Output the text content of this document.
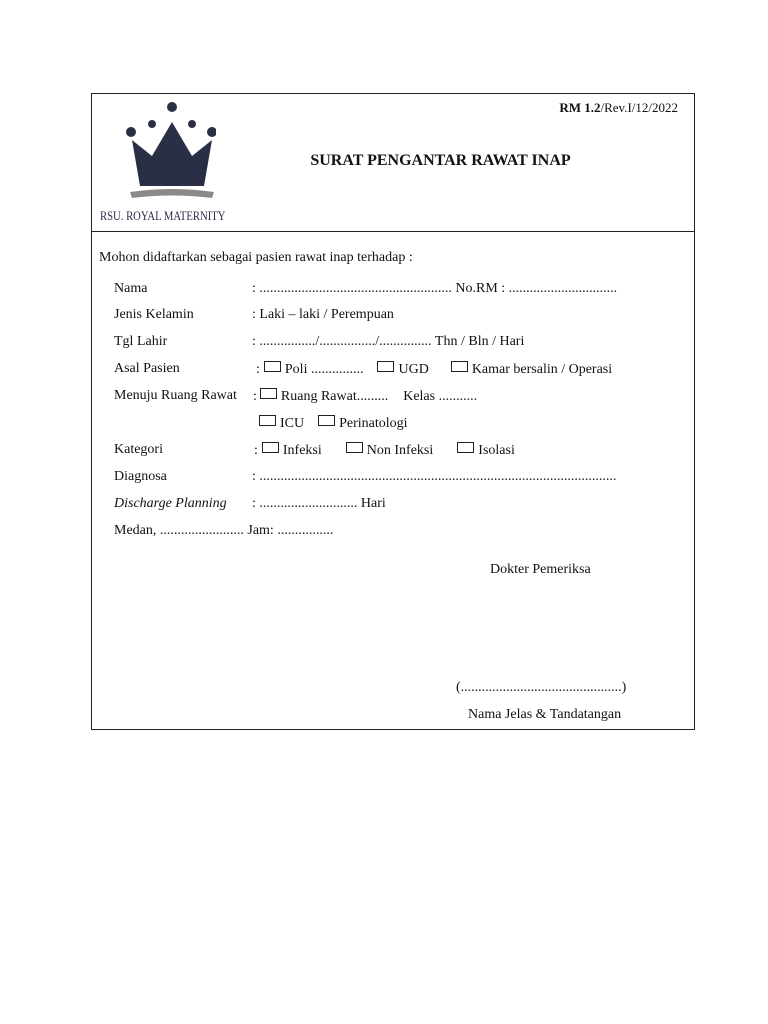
RSU. ROYAL MATERNITY
RM 1.2/Rev.I/12/2022
SURAT PENGANTAR RAWAT INAP
Mohon didaftarkan sebagai pasien rawat inap terhadap :
Nama	: ....................................................... No.RM : ...............................
Jenis Kelamin	: Laki – laki / Perempuan
Tgl Lahir	: ................/................/............... Thn / Bln / Hari
Asal Pasien	: Poli ...............	UGD	Kamar bersalin / Operasi
Menuju Ruang Rawat : Ruang Rawat......... Kelas ...........
ICU	Perinatologi
Kategori	: Infeksi	Non Infeksi	Isolasi
Diagnosa	: ......................................................................................................
Discharge Planning : ............................ Hari
Medan, ........................ Jam: ................
Dokter Pemeriksa
(..............................................)
Nama Jelas & Tandatangan
